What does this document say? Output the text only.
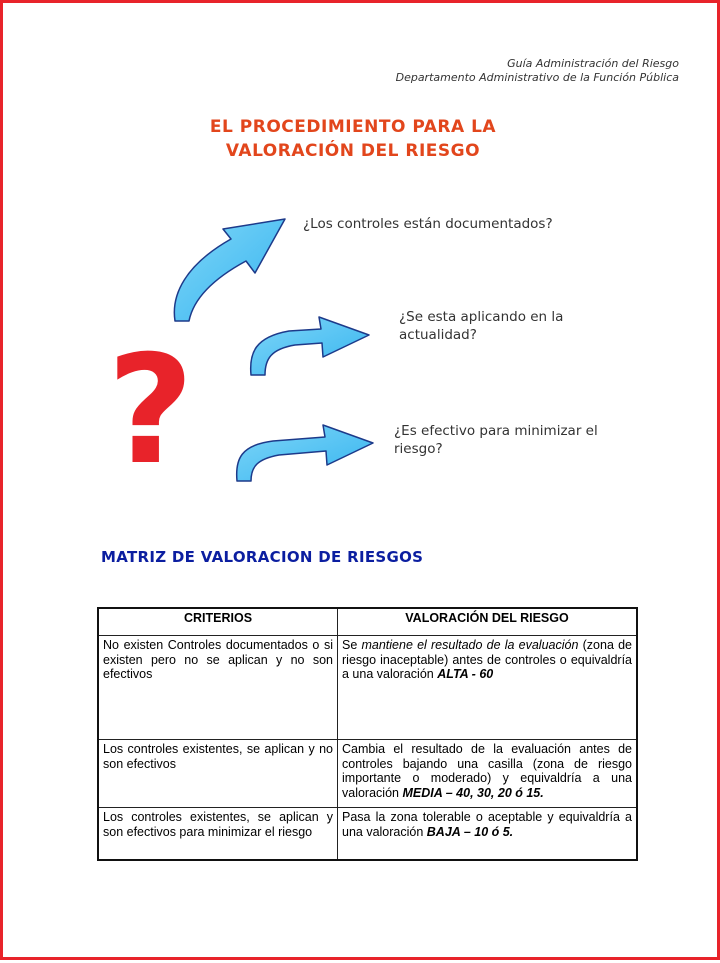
Guía Administración del Riesgo
Departamento Administrativo de la Función Pública
EL PROCEDIMIENTO PARA LA
VALORACIÓN DEL RIESGO
?
¿Los controles están documentados?
¿Se esta aplicando en la actualidad?
¿Es efectivo para minimizar el riesgo?
MATRIZ DE VALORACION DE RIESGOS
CRITERIOS	VALORACIÓN DEL RIESGO
No existen Controles documentados o si existen pero no se aplican y no son efectivos	Se mantiene el resultado de la evaluación (zona de riesgo inaceptable) antes de controles o equivaldría a una valoración ALTA - 60
Los controles existentes, se aplican y no son efectivos	Cambia el resultado de la evaluación antes de controles bajando una casilla (zona de riesgo importante o moderado) y equivaldría a una valoración MEDIA – 40, 30, 20 ó 15.
Los controles existentes, se aplican y son efectivos para minimizar el riesgo	Pasa la zona tolerable o aceptable y equivaldría a una valoración BAJA – 10 ó 5.
